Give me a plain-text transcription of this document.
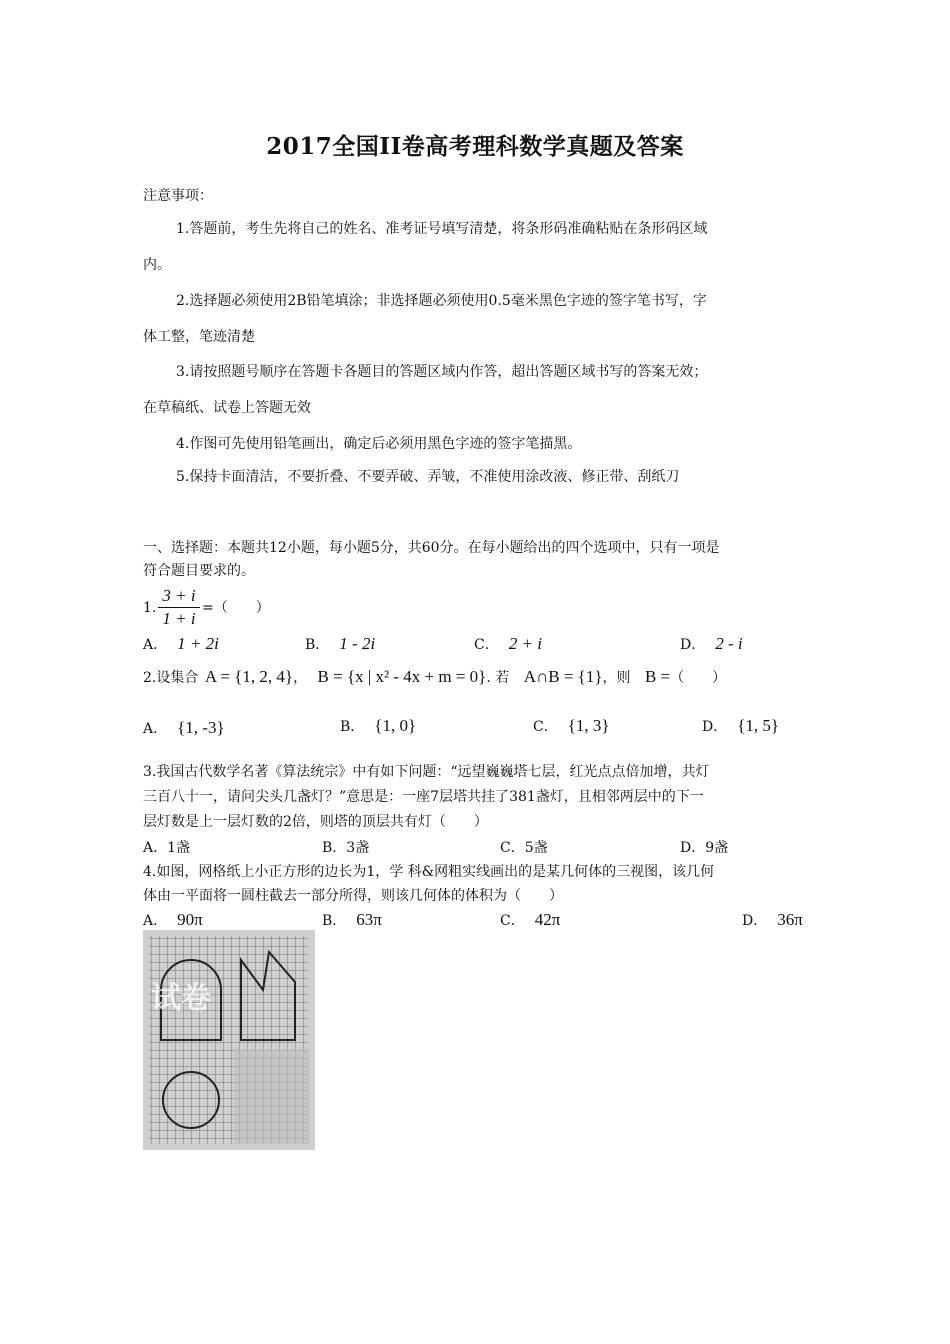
2017全国II卷高考理科数学真题及答案
注意事项：
1.答题前，考生先将自己的姓名、准考证号填写清楚，将条形码准确粘贴在条形码区域
内。
2.选择题必须使用2B铅笔填涂；非选择题必须使用0.5毫米黑色字迹的签字笔书写，字
体工整，笔迹清楚
3.请按照题号顺序在答题卡各题目的答题区域内作答，超出答题区域书写的答案无效；
在草稿纸、试卷上答题无效
4.作图可先使用铅笔画出，确定后必须用黑色字迹的签字笔描黑。
5.保持卡面清洁，不要折叠、不要弄破、弄皱，不准使用涂改液、修正带、刮纸刀
一、选择题：本题共12小题，每小题5分，共60分。在每小题给出的四个选项中，只有一项是
符合题目要求的。
1. $\frac{3 + i}{1 + i}$ =（　　）
A． 1 + 2i	B． 1 - 2i	C． 2 + i	D． 2 - i
2.设集合 A = {1, 2, 4}， B = {x | x² - 4x + m = 0}. 若 A∩B = {1}，则 B =（　　）
A． {1, -3}	B． {1, 0}	C． {1, 3}	D． {1, 5}
3.我国古代数学名著《算法统宗》中有如下问题：“远望巍巍塔七层，红光点点倍加增，共灯
三百八十一，请问尖头几盏灯？”意思是：一座7层塔共挂了381盏灯，且相邻两层中的下一
层灯数是上一层灯数的2倍，则塔的顶层共有灯（　　）
A．1盏	B．3盏	C．5盏	D．9盏
4.如图，网格纸上小正方形的边长为1，学 科&网粗实线画出的是某几何体的三视图，该几何
体由一平面将一圆柱截去一部分所得，则该几何体的体积为（　　）
A． 90π	B． 63π	C． 42π	D． 36π
试卷
